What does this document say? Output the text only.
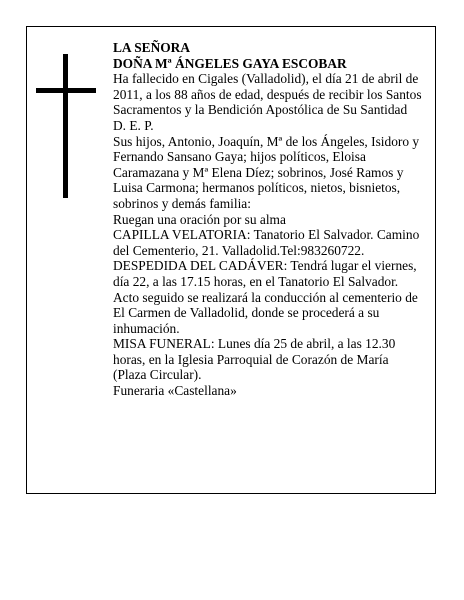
LA SEÑORA

DOÑA Mª ÁNGELES GAYA ESCOBAR

Ha fallecido en Cigales (Valladolid), el día 21 de abril de 2011, a los 88 años de edad, después de recibir los Santos Sacramentos y la Bendición Apostólica de Su Santidad

D. E. P.

Sus hijos, Antonio, Joaquín, Mª de los Ángeles, Isidoro y Fernando Sansano Gaya; hijos políticos, Eloisa Caramazana y Mª Elena Díez; sobrinos, José Ramos y Luisa Carmona; hermanos políticos, nietos, bisnietos, sobrinos y demás familia:

Ruegan una oración por su alma

CAPILLA VELATORIA: Tanatorio El Salvador. Camino del Cementerio, 21. Valladolid.Tel:983260722.

DESPEDIDA DEL CADÁVER: Tendrá lugar el viernes, día 22, a las 17.15 horas, en el Tanatorio El Salvador. Acto seguido se realizará la conducción al cementerio de El Carmen de Valladolid, donde se procederá a su inhumación.

MISA FUNERAL: Lunes día 25 de abril, a las 12.30 horas, en la Iglesia Parroquial de Corazón de María (Plaza Circular).

Funeraria «Castellana»
